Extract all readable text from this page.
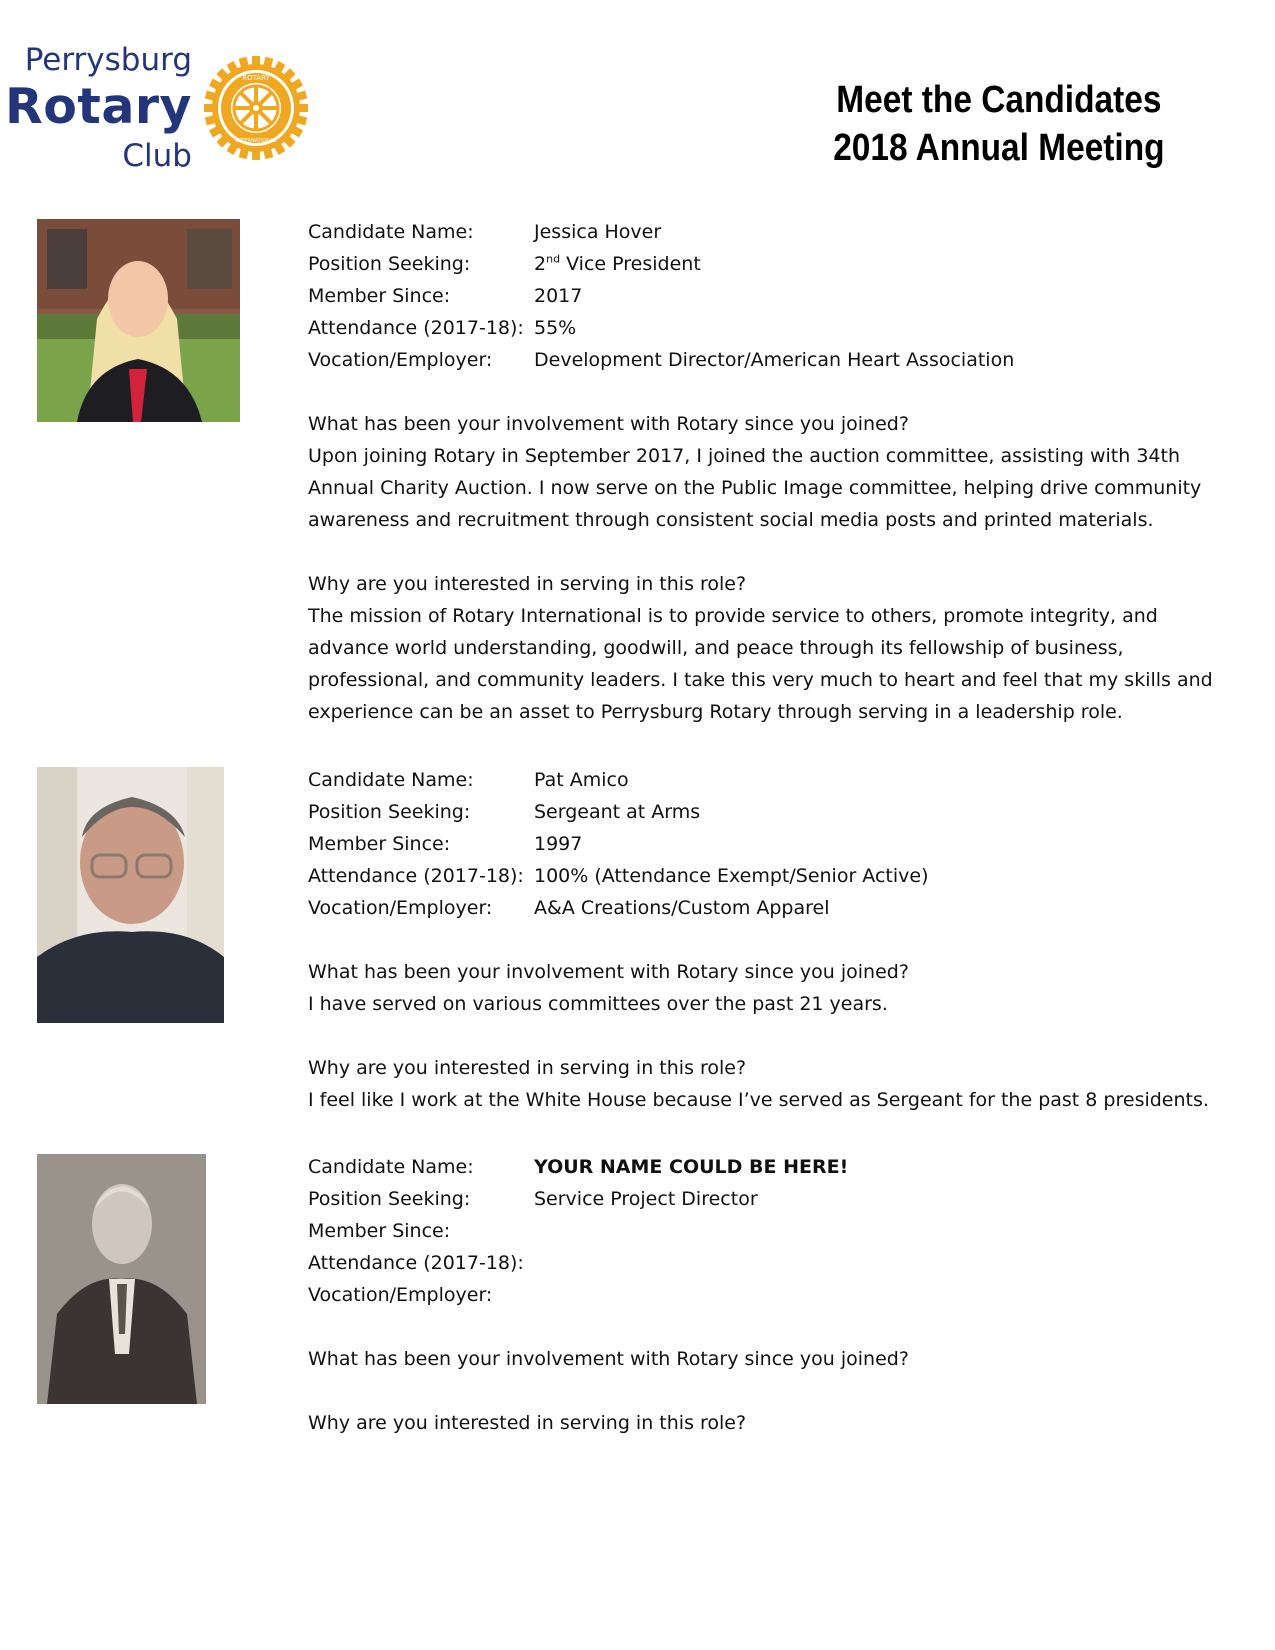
Perrysburg
Rotary
Club
ROTARY
INTERNATIONAL
Meet the Candidates
2018 Annual Meeting
Candidate Name:	Jessica Hover
Position Seeking:	2nd Vice President
Member Since:	2017
Attendance (2017-18): 55%
Vocation/Employer:	Development Director/American Heart Association
What has been your involvement with Rotary since you joined?
Upon joining Rotary in September 2017, I joined the auction committee, assisting with 34th Annual Charity Auction. I now serve on the Public Image committee, helping drive community awareness and recruitment through consistent social media posts and printed materials.
Why are you interested in serving in this role?
The mission of Rotary International is to provide service to others, promote integrity, and advance world understanding, goodwill, and peace through its fellowship of business, professional, and community leaders. I take this very much to heart and feel that my skills and experience can be an asset to Perrysburg Rotary through serving in a leadership role.
Candidate Name:	Pat Amico
Position Seeking:	Sergeant at Arms
Member Since:	1997
Attendance (2017-18): 100% (Attendance Exempt/Senior Active)
Vocation/Employer:	A&A Creations/Custom Apparel
What has been your involvement with Rotary since you joined?
I have served on various committees over the past 21 years.
Why are you interested in serving in this role?
I feel like I work at the White House because I’ve served as Sergeant for the past 8 presidents.
Candidate Name:	YOUR NAME COULD BE HERE!
Position Seeking:	Service Project Director
Member Since:
Attendance (2017-18):
Vocation/Employer:
What has been your involvement with Rotary since you joined?
Why are you interested in serving in this role?
